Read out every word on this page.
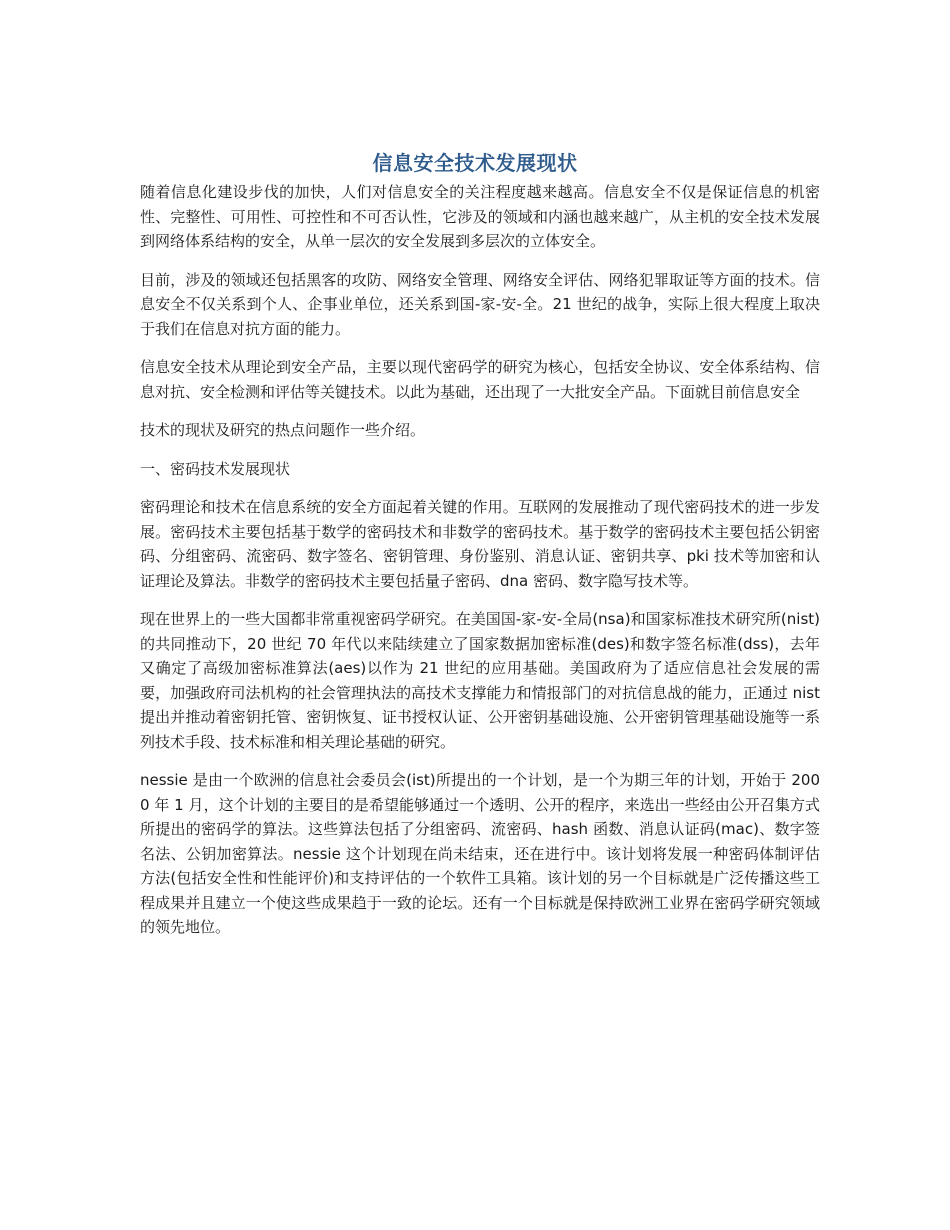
信息安全技术发展现状

随着信息化建设步伐的加快，人们对信息安全的关注程度越来越高。信息安全不仅是保证信息的机密性、完整性、可用性、可控性和不可否认性，它涉及的领域和内涵也越来越广，从主机的安全技术发展到网络体系结构的安全，从单一层次的安全发展到多层次的立体安全。

目前，涉及的领域还包括黑客的攻防、网络安全管理、网络安全评估、网络犯罪取证等方面的技术。信息安全不仅关系到个人、企事业单位，还关系到国-家-安-全。21 世纪的战争，实际上很大程度上取决于我们在信息对抗方面的能力。

信息安全技术从理论到安全产品，主要以现代密码学的研究为核心，包括安全协议、安全体系结构、信息对抗、安全检测和评估等关键技术。以此为基础，还出现了一大批安全产品。下面就目前信息安全

技术的现状及研究的热点问题作一些介绍。

一、密码技术发展现状

密码理论和技术在信息系统的安全方面起着关键的作用。互联网的发展推动了现代密码技术的进一步发展。密码技术主要包括基于数学的密码技术和非数学的密码技术。基于数学的密码技术主要包括公钥密码、分组密码、流密码、数字签名、密钥管理、身份鉴别、消息认证、密钥共享、pki 技术等加密和认证理论及算法。非数学的密码技术主要包括量子密码、dna 密码、数字隐写技术等。

现在世界上的一些大国都非常重视密码学研究。在美国国-家-安-全局(nsa)和国家标准技术研究所(nist)的共同推动下，20 世纪 70 年代以来陆续建立了国家数据加密标准(des)和数字签名标准(dss)，去年又确定了高级加密标准算法(aes)以作为 21 世纪的应用基础。美国政府为了适应信息社会发展的需要，加强政府司法机构的社会管理执法的高技术支撑能力和情报部门的对抗信息战的能力，正通过 nist 提出并推动着密钥托管、密钥恢复、证书授权认证、公开密钥基础设施、公开密钥管理基础设施等一系列技术手段、技术标准和相关理论基础的研究。

nessie 是由一个欧洲的信息社会委员会(ist)所提出的一个计划，是一个为期三年的计划，开始于 2000 年 1 月，这个计划的主要目的是希望能够通过一个透明、公开的程序，来选出一些经由公开召集方式所提出的密码学的算法。这些算法包括了分组密码、流密码、hash 函数、消息认证码(mac)、数字签名法、公钥加密算法。nessie 这个计划现在尚未结束，还在进行中。该计划将发展一种密码体制评估方法(包括安全性和性能评价)和支持评估的一个软件工具箱。该计划的另一个目标就是广泛传播这些工程成果并且建立一个使这些成果趋于一致的论坛。还有一个目标就是保持欧洲工业界在密码学研究领域的领先地位。
